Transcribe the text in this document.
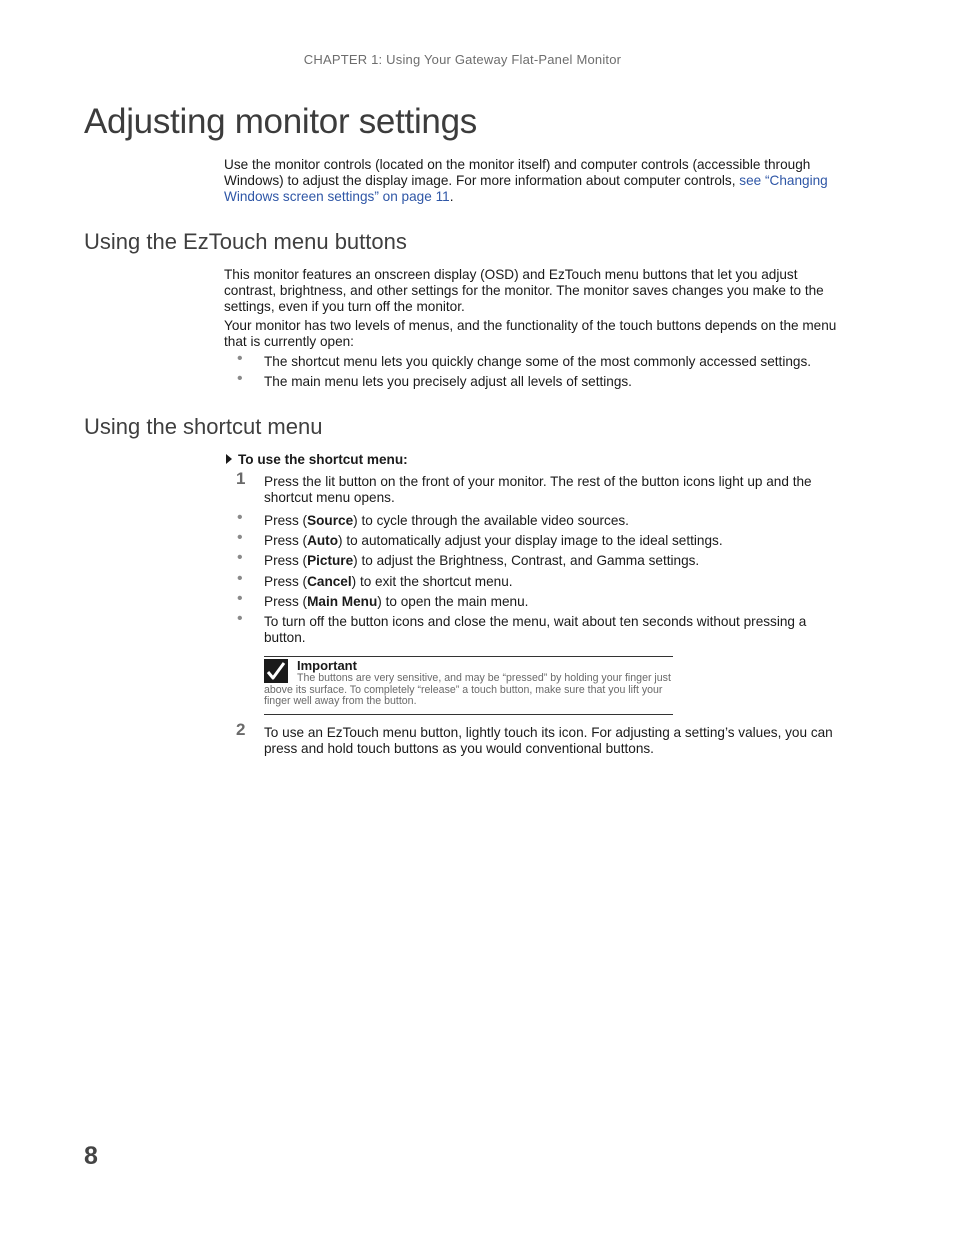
CHAPTER 1: Using Your Gateway Flat-Panel Monitor
Adjusting monitor settings

Use the monitor controls (located on the monitor itself) and computer controls (accessible through Windows) to adjust the display image. For more information about computer controls, see “Changing Windows screen settings” on page 11.

Using the EzTouch menu buttons

This monitor features an onscreen display (OSD) and EzTouch menu buttons that let you adjust contrast, brightness, and other settings for the monitor. The monitor saves changes you make to the settings, even if you turn off the monitor.

Your monitor has two levels of menus, and the functionality of the touch buttons depends on the menu that is currently open:

• The shortcut menu lets you quickly change some of the most commonly accessed settings.
• The main menu lets you precisely adjust all levels of settings.
Using the shortcut menu
To use the shortcut menu:
1 Press the lit button on the front of your monitor. The rest of the button icons light up and the shortcut menu opens.
• Press (Source) to cycle through the available video sources.
• Press (Auto) to automatically adjust your display image to the ideal settings.
• Press (Picture) to adjust the Brightness, Contrast, and Gamma settings.
• Press (Cancel) to exit the shortcut menu.
• Press (Main Menu) to open the main menu.
• To turn off the button icons and close the menu, wait about ten seconds without pressing a button.
Important
The buttons are very sensitive, and may be “pressed” by holding your finger just above its surface. To completely “release” a touch button, make sure that you lift your finger well away from the button.
2 To use an EzTouch menu button, lightly touch its icon. For adjusting a setting’s values, you can press and hold touch buttons as you would conventional buttons.
8
